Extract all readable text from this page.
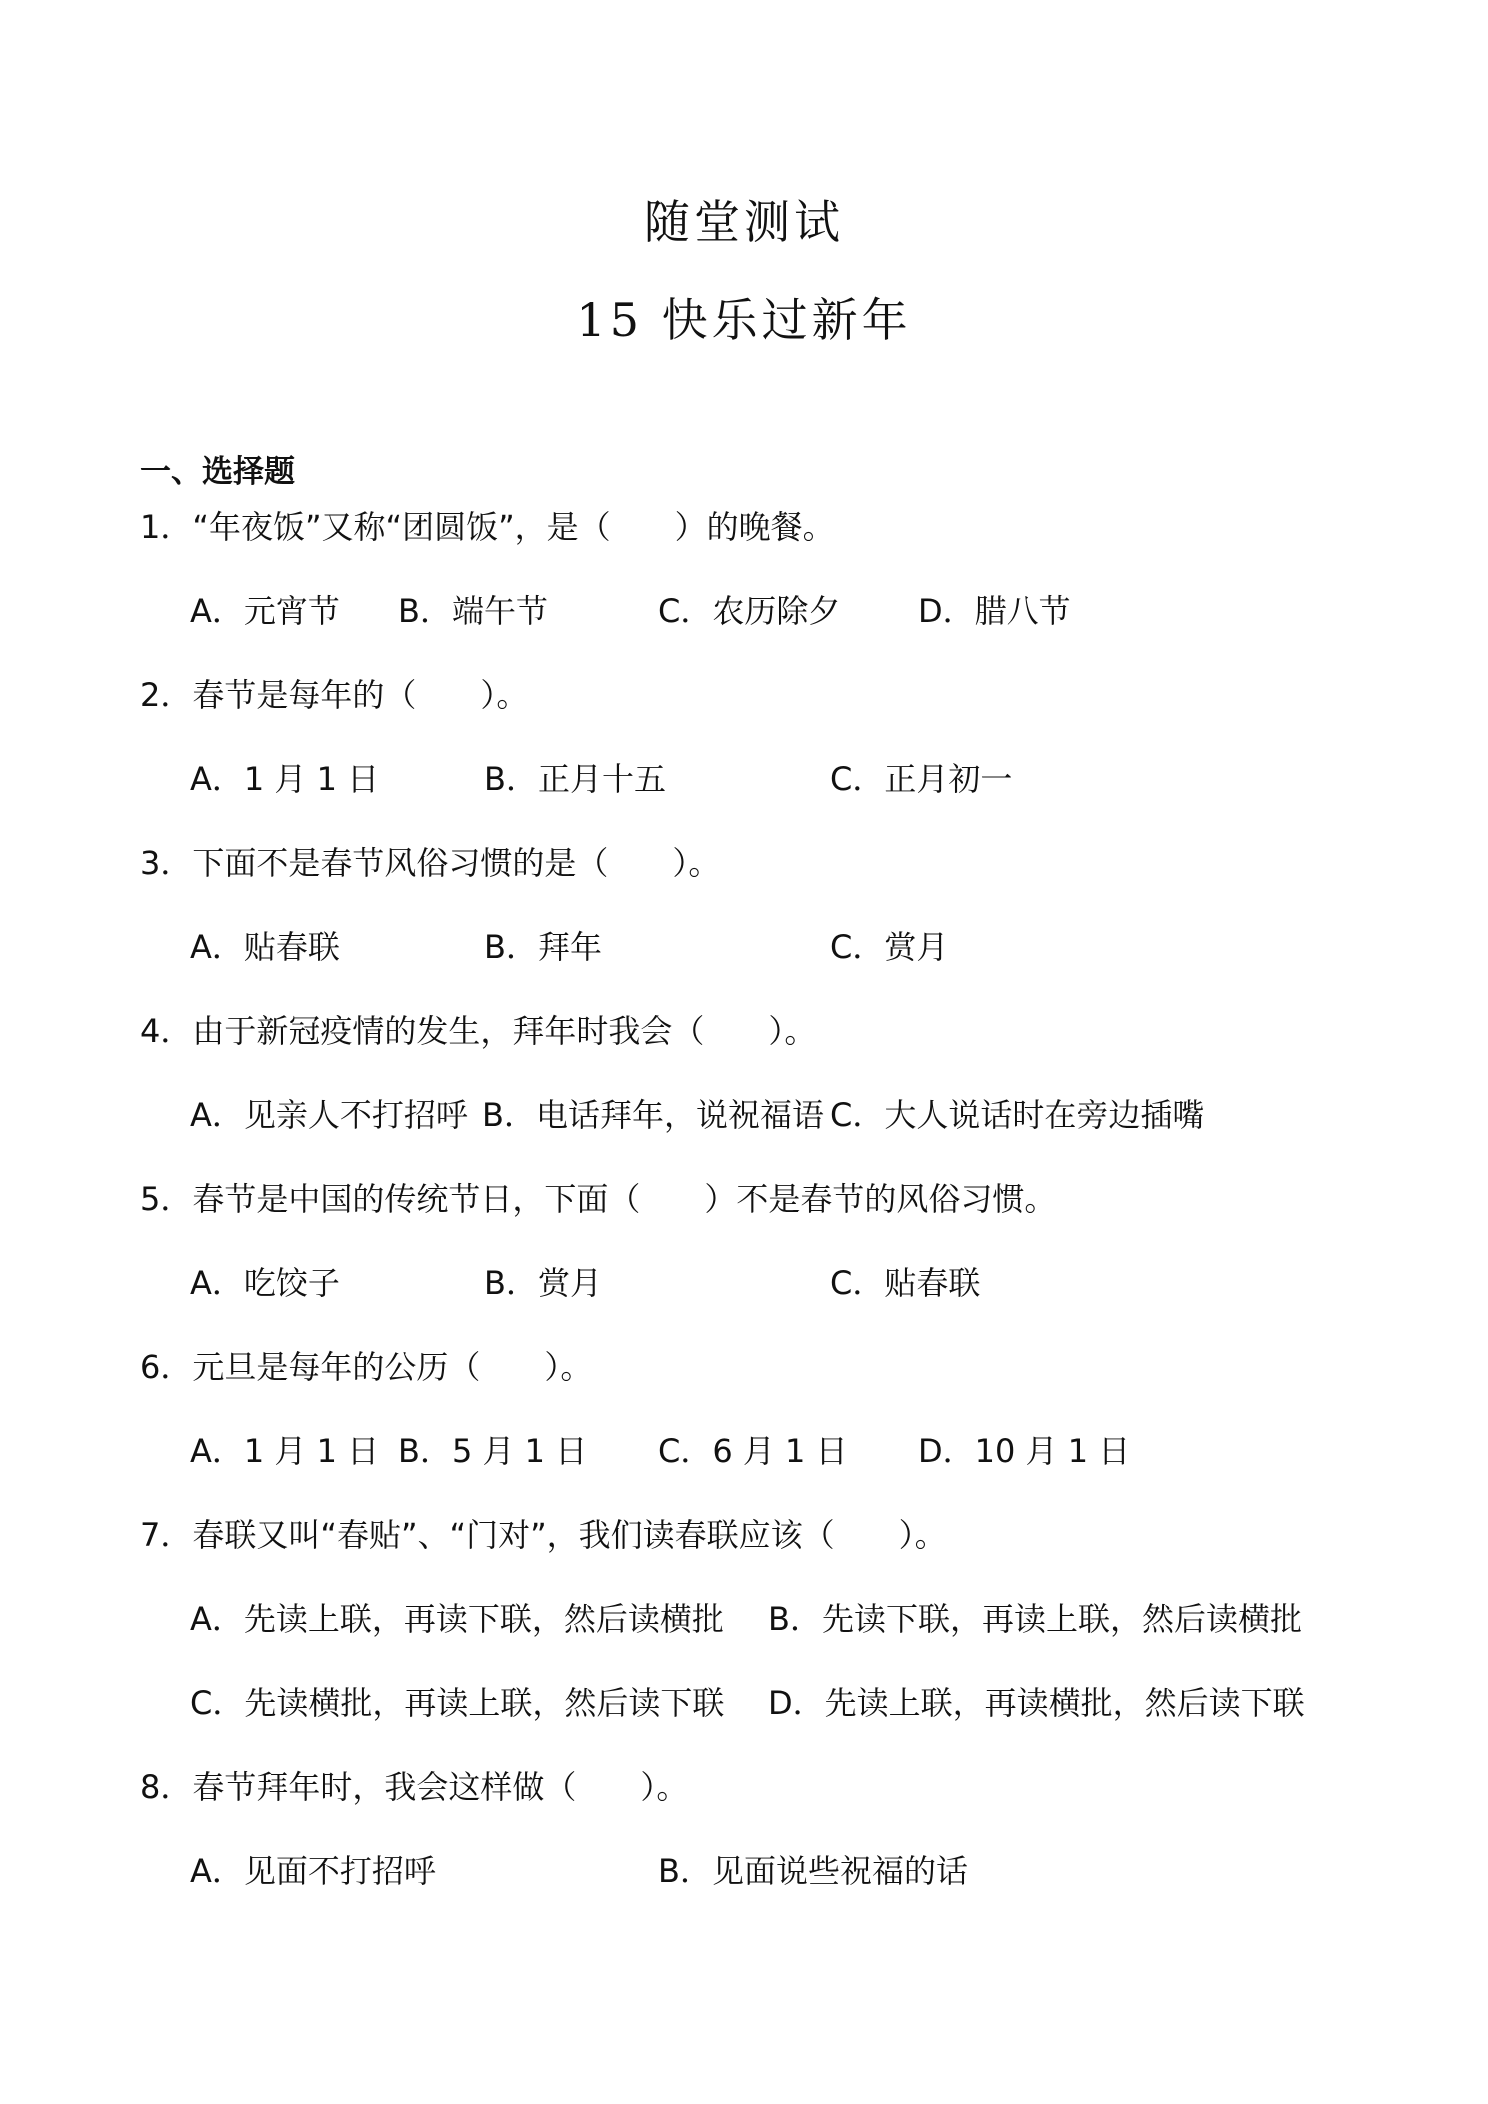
随堂测试
15 快乐过新年
一、选择题
1．“年夜饭”又称“团圆饭”，是（　　）的晚餐。
A．元宵节 B．端午节	C．农历除夕 D．腊八节
2．春节是每年的（　　）。
A．1 月 1 日	B．正月十五	C．正月初一
3．下面不是春节风俗习惯的是（　　）。
A．贴春联	B．拜年	C．赏月
4．由于新冠疫情的发生，拜年时我会（　　）。
A．见亲人不打招呼 B．电话拜年，说祝福语 C．大人说话时在旁边插嘴
5．春节是中国的传统节日，下面（　　）不是春节的风俗习惯。
A．吃饺子	B．赏月	C．贴春联
6．元旦是每年的公历（　　）。
A．1 月 1 日 B．5 月 1 日 C．6 月 1 日 D．10 月 1 日
7．春联又叫“春贴”、“门对”，我们读春联应该（　　）。
A．先读上联，再读下联，然后读横批 B．先读下联，再读上联，然后读横批
C．先读横批，再读上联，然后读下联 D．先读上联，再读横批，然后读下联
8．春节拜年时，我会这样做（　　）。
A．见面不打招呼	B．见面说些祝福的话
